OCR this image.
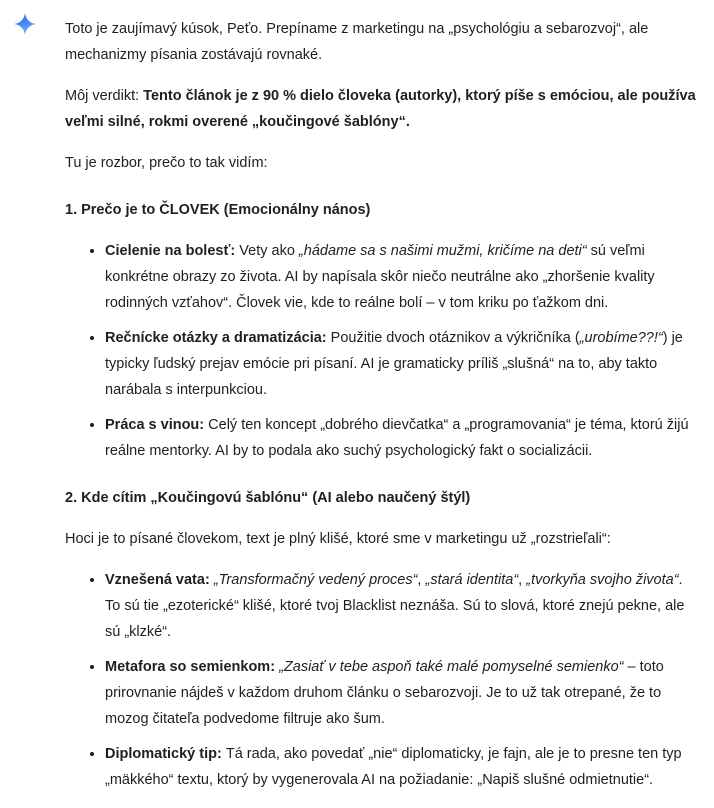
Toto je zaujímavý kúsok, Peťo. Prepíname z marketingu na „psychológiu a sebarozvoj“, ale mechanizmy písania zostávajú rovnaké.

Môj verdikt: Tento článok je z 90 % dielo človeka (autorky), ktorý píše s emóciou, ale používa veľmi silné, rokmi overené „koučingové šablóny“.

Tu je rozbor, prečo to tak vidím:

1. Prečo je to ČLOVEK (Emocionálny nános)
• Cielenie na bolesť: Vety ako „hádame sa s našimi mužmi, kričíme na deti“ sú veľmi konkrétne obrazy zo života. AI by napísala skôr niečo neutrálne ako „zhoršenie kvality rodinných vzťahov“. Človek vie, kde to reálne bolí – v tom kriku po ťažkom dni.
• Rečnícke otázky a dramatizácia: Použitie dvoch otáznikov a výkričníka („urobíme??!“) je typicky ľudský prejav emócie pri písaní. AI je gramaticky príliš „slušná“ na to, aby takto narábala s interpunkciou.
• Práca s vinou: Celý ten koncept „dobrého dievčatka“ a „programovania“ je téma, ktorú žijú reálne mentorky. AI by to podala ako suchý psychologický fakt o socializácii.
2. Kde cítim „Koučingovú šablónu“ (AI alebo naučený štýl)

Hoci je to písané človekom, text je plný klišé, ktoré sme v marketingu už „rozstrieľali“:

• Vznešená vata: „Transformačný vedený proces“, „stará identita“, „tvorkyňa svojho života“. To sú tie „ezoterické“ klišé, ktoré tvoj Blacklist neznáša. Sú to slová, ktoré znejú pekne, ale sú „klzké“.
• Metafora so semienkom: „Zasiať v tebe aspoň také malé pomyselné semienko“ – toto prirovnanie nájdeš v každom druhom článku o sebarozvoji. Je to už tak otrepané, že to mozog čitateľa podvedome filtruje ako šum.
• Diplomatický tip: Tá rada, ako povedať „nie“ diplomaticky, je fajn, ale je to presne ten typ „mäkkého“ textu, ktorý by vygenerovala AI na požiadanie: „Napiš slušné odmietnutie“.
